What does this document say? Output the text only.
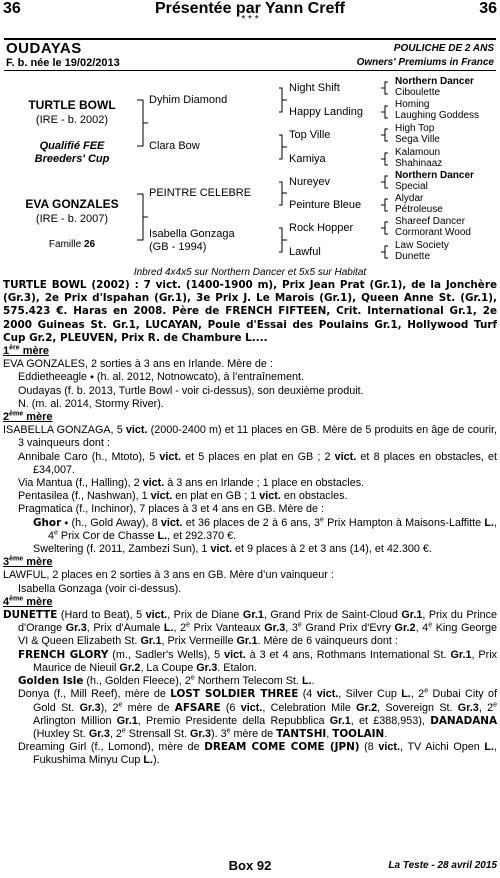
36	Présentée par Yann Creff	36
* * *
OUDAYAS	POULICHE DE 2 ANS
F. b. née le 19/02/2013	Owners' Premiums in France
TURTLE BOWL
(IRE - b. 2002)
Qualifié FEE
Breeders' Cup
EVA GONZALES
(IRE - b. 2007)
Famille 26
Dyhim Diamond
Clara Bow
PEINTRE CELEBRE
Isabella Gonzaga
(GB - 1994)
Night Shift
Happy Landing
Top Ville
Kamiya
Nureyev
Peinture Bleue
Rock Hopper
Lawful
Northern Dancer
Ciboulette
Homing
Laughing Goddess
High Top
Sega Ville
Kalamoun
Shahinaaz
Northern Dancer
Special
Alydar
Pétroleuse
Shareef Dancer
Cormorant Wood
Law Society
Dunette
Inbred 4x4x5 sur Northern Dancer et 5x5 sur Habitat

TURTLE BOWL (2002) : 7 vict. (1400-1900 m), Prix Jean Prat (Gr.1), de la Jonchère (Gr.3), 2e Prix d'Ispahan (Gr.1), 3e Prix J. Le Marois (Gr.1), Queen Anne St. (Gr.1), 575.423 €. Haras en 2008. Père de FRENCH FIFTEEN, Crit. International Gr.1, 2e 2000 Guineas St. Gr.1, LUCAYAN, Poule d'Essai des Poulains Gr.1, Hollywood Turf Cup Gr.2, PLEUVEN, Prix R. de Chambure L....

1ère mère

EVA GONZALES, 2 sorties à 3 ans en Irlande. Mère de :

Eddietheeagle ⬩ (h. al. 2012, Notnowcato), à l’entraînement.

Oudayas (f. b. 2013, Turtle Bowl - voir ci-dessus), son deuxième produit.

N. (m. al. 2014, Stormy River).

2ème mère

ISABELLA GONZAGA, 5 vict. (2000-2400 m) et 11 places en GB. Mère de 5 produits en âge de courir, 3 vainqueurs dont :

Annibale Caro (h., Mtoto), 5 vict. et 5 places en plat en GB ; 2 vict. et 8 places en obstacles, et £34,007.

Via Mantua (f., Halling), 2 vict. à 3 ans en Irlande ; 1 place en obstacles.

Pentasilea (f., Nashwan), 1 vict. en plat en GB ; 1 vict. en obstacles.

Pragmatica (f., Inchinor), 7 places à 3 et 4 ans en GB. Mère de :

Ghor ⬩ (h., Gold Away), 8 vict. et 36 places de 2 à 6 ans, 3e Prix Hampton à Maisons-Laffitte L., 4e Prix Cor de Chasse L., et 292.370 €.

Sweltering (f. 2011, Zambezi Sun), 1 vict. et 9 places à 2 et 3 ans (14), et 42.300 €.

3ème mère

LAWFUL, 2 places en 2 sorties à 3 ans en GB. Mère d’un vainqueur :

Isabella Gonzaga (voir ci-dessus).

4ème mère

DUNETTE (Hard to Beat), 5 vict., Prix de Diane Gr.1, Grand Prix de Saint-Cloud Gr.1, Prix du Prince d'Orange Gr.3, Prix d'Aumale L., 2e Prix Vanteaux Gr.3, 3e Grand Prix d'Evry Gr.2, 4e King George VI & Queen Elizabeth St. Gr.1, Prix Vermeille Gr.1. Mère de 6 vainqueurs dont :

FRENCH GLORY (m., Sadler's Wells), 5 vict. à 3 et 4 ans, Rothmans International St. Gr.1, Prix Maurice de Nieuil Gr.2, La Coupe Gr.3. Etalon.

Golden Isle (h., Golden Fleece), 2e Northern Telecom St. L..

Donya (f., Mill Reef), mère de LOST SOLDIER THREE (4 vict., Silver Cup L., 2e Dubai City of Gold St. Gr.3), 2e mère de AFSARE (6 vict., Celebration Mile Gr.2, Sovereign St. Gr.3, 2e Arlington Million Gr.1, Premio Presidente della Repubblica Gr.1, et £388,953), DANADANA (Huxley St. Gr.3, 2e Strensall St. Gr.3). 3e mère de TANTSHI, TOOLAIN.

Dreaming Girl (f., Lomond), mère de DREAM COME COME (JPN) (8 vict., TV Aichi Open L., Fukushima Minyu Cup L.).

Box 92	La Teste - 28 avril 2015
